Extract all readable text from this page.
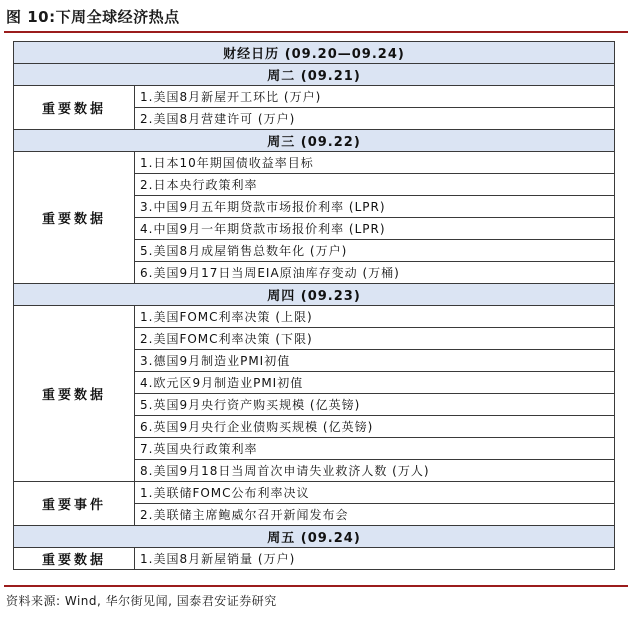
图 10:下周全球经济热点
财经日历 (09.20—09.24)	
周二 (09.21)	
重要数据	1.美国8月新屋开工环比 (万户)
	2.美国8月营建许可 (万户)
周三 (09.22)	
重要数据	1.日本10年期国债收益率目标
	2.日本央行政策利率
	3.中国9月五年期贷款市场报价利率 (LPR)
	4.中国9月一年期贷款市场报价利率 (LPR)
	5.美国8月成屋销售总数年化 (万户)
	6.美国9月17日当周EIA原油库存变动 (万桶)
周四 (09.23)	
重要数据	1.美国FOMC利率决策 (上限)
	2.美国FOMC利率决策 (下限)
	3.德国9月制造业PMI初值
	4.欧元区9月制造业PMI初值
	5.英国9月央行资产购买规模 (亿英镑)
	6.英国9月央行企业债购买规模 (亿英镑)
	7.英国央行政策利率
	8.美国9月18日当周首次申请失业救济人数 (万人)
重要事件	1.美联储FOMC公布利率决议
	2.美联储主席鲍威尔召开新闻发布会
周五 (09.24)	
重要数据	1.美国8月新屋销量 (万户)
资料来源: Wind, 华尔街见闻, 国泰君安证券研究
